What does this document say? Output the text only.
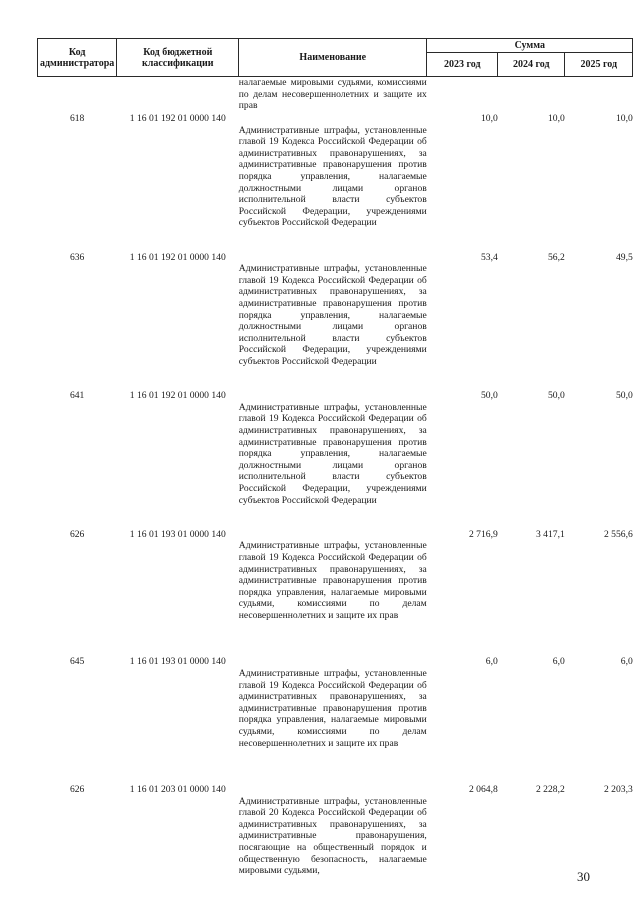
Код администратора	Код бюджетной классификации	Наименование	Сумма		
			2023 год	2024 год	2025 год
618	1 16 01 192 01 0000 140	налагаемые мировыми судьями, комиссиями по делам несовершеннолетних и защите их прав	10,0	10,0	10,0
636	1 16 01 192 01 0000 140	Административные штрафы, установленные главой 19 Кодекса Российской Федерации об административных правонарушениях, за административные правонарушения против порядка управления, налагаемые должностными лицами органов исполнительной власти субъектов Российской Федерации, учреждениями субъектов Российской Федерации	53,4	56,2	49,5
641	1 16 01 192 01 0000 140	Административные штрафы, установленные главой 19 Кодекса Российской Федерации об административных правонарушениях, за административные правонарушения против порядка управления, налагаемые должностными лицами органов исполнительной власти субъектов Российской Федерации, учреждениями субъектов Российской Федерации	50,0	50,0	50,0
626	1 16 01 193 01 0000 140	Административные штрафы, установленные главой 19 Кодекса Российской Федерации об административных правонарушениях, за административные правонарушения против порядка управления, налагаемые должностными лицами органов исполнительной власти субъектов Российской Федерации, учреждениями субъектов Российской Федерации	2 716,9	3 417,1	2 556,6
645	1 16 01 193 01 0000 140	Административные штрафы, установленные главой 19 Кодекса Российской Федерации об административных правонарушениях, за административные правонарушения против порядка управления, налагаемые мировыми судьями, комиссиями по делам несовершеннолетних и защите их прав	6,0	6,0	6,0
626	1 16 01 203 01 0000 140	Административные штрафы, установленные главой 19 Кодекса Российской Федерации об административных правонарушениях, за административные правонарушения против порядка управления, налагаемые мировыми судьями, комиссиями по делам несовершеннолетних и защите их прав	2 064,8	2 228,2	2 203,3
		Административные штрафы, установленные главой 20 Кодекса Российской Федерации об административных правонарушениях, за административные правонарушения, посягающие на общественный порядок и общественную безопасность, налагаемые мировыми судьями,				30
